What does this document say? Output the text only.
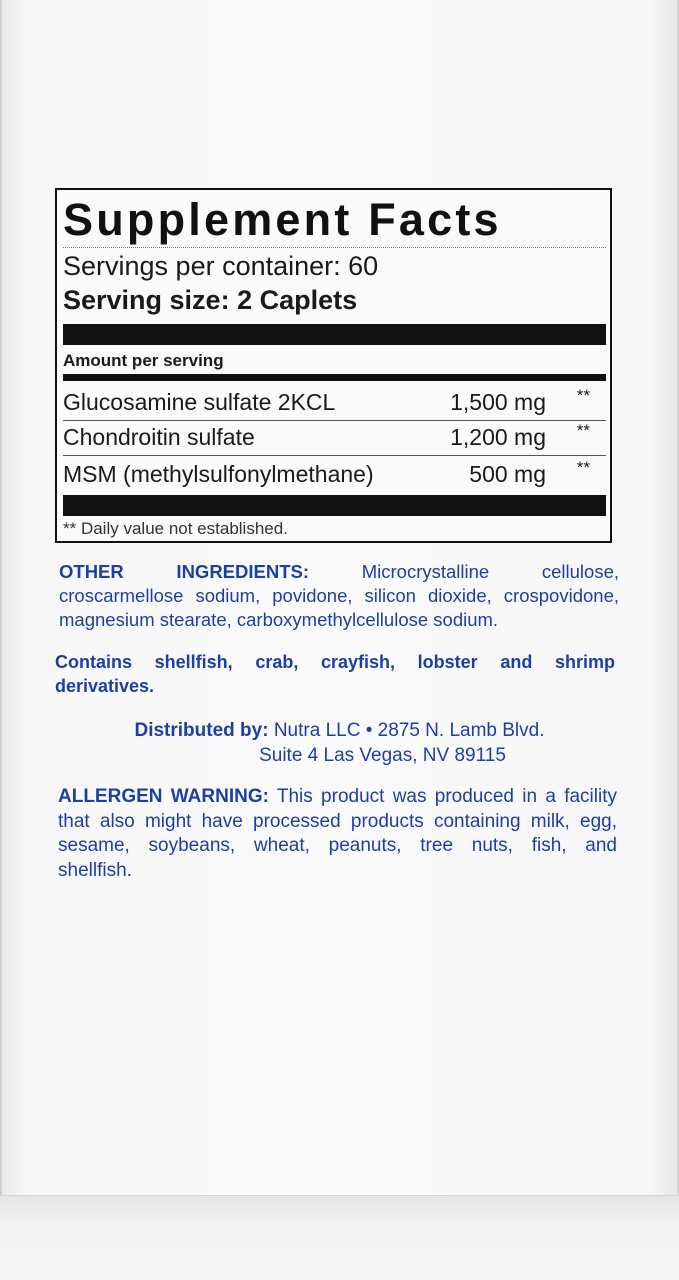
Supplement Facts
Servings per container: 60
Serving size: 2 Caplets
Amount per serving
Glucosamine sulfate 2KCL	1,500 mg **
Chondroitin sulfate	1,200 mg **
MSM (methylsulfonylmethane)	500 mg **
** Daily value not established.
OTHER INGREDIENTS:	Microcrystalline cellulose,
croscarmellose sodium, povidone, silicon dioxide, crospovidone, magnesium stearate, carboxymethylcellulose sodium.
Contains shellfish, crab, crayfish, lobster and shrimp
derivatives.
Distributed by: Nutra LLC • 2875 N. Lamb Blvd.
Suite 4 Las Vegas, NV 89115
ALLERGEN WARNING: This product was produced in a facility
that also might have processed products containing milk, egg,
sesame, soybeans, wheat, peanuts, tree nuts, fish, and
shellfish.
